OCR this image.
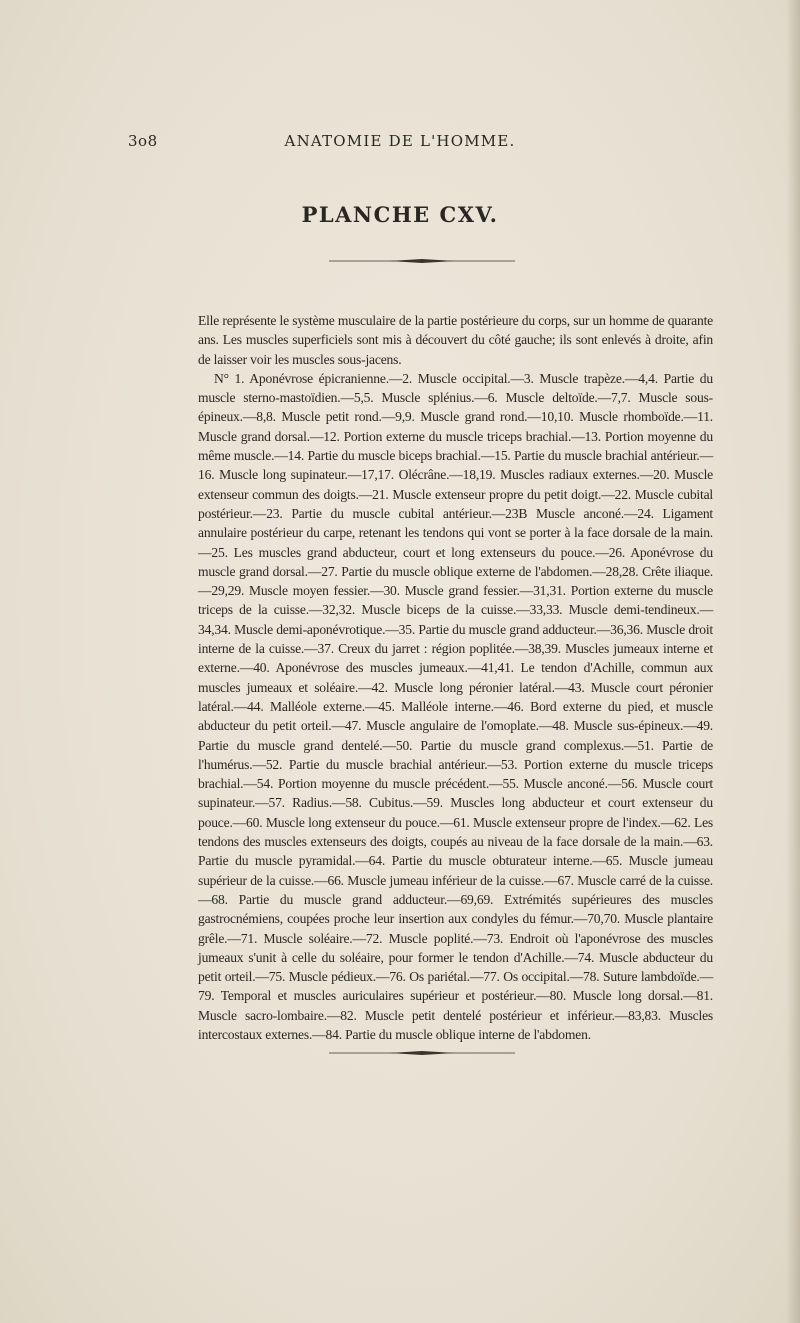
3o8	ANATOMIE DE L'HOMME.
PLANCHE CXV.

Elle représente le système musculaire de la partie postérieure du corps, sur un homme de quarante ans. Les muscles superficiels sont mis à découvert du côté gauche; ils sont enlevés à droite, afin de laisser voir les muscles sous-jacens.

N° 1. Aponévrose épicranienne.—2. Muscle occipital.—3. Muscle trapèze.—4,4. Partie du muscle sterno-mastoïdien.—5,5. Muscle splénius.—6. Muscle deltoïde.—7,7. Muscle sous-épineux.—8,8. Muscle petit rond.—9,9. Muscle grand rond.—10,10. Muscle rhomboïde.—11. Muscle grand dorsal.—12. Portion externe du muscle triceps brachial.—13. Portion moyenne du même muscle.—14. Partie du muscle biceps brachial.—15. Partie du muscle brachial antérieur.—16. Muscle long supinateur.—17,17. Olécrâne.—18,19. Muscles radiaux externes.—20. Muscle extenseur commun des doigts.—21. Muscle extenseur propre du petit doigt.—22. Muscle cubital postérieur.—23. Partie du muscle cubital antérieur.—23B Muscle anconé.—24. Ligament annulaire postérieur du carpe, retenant les tendons qui vont se porter à la face dorsale de la main.—25. Les muscles grand abducteur, court et long extenseurs du pouce.—26. Aponévrose du muscle grand dorsal.—27. Partie du muscle oblique externe de l'abdomen.—28,28. Crête iliaque.—29,29. Muscle moyen fessier.—30. Muscle grand fessier.—31,31. Portion externe du muscle triceps de la cuisse.—32,32. Muscle biceps de la cuisse.—33,33. Muscle demi-tendineux.—34,34. Muscle demi-aponévrotique.—35. Partie du muscle grand adducteur.—36,36. Muscle droit interne de la cuisse.—37. Creux du jarret : région poplitée.—38,39. Muscles jumeaux interne et externe.—40. Aponévrose des muscles jumeaux.—41,41. Le tendon d'Achille, commun aux muscles jumeaux et soléaire.—42. Muscle long péronier latéral.—43. Muscle court péronier latéral.—44. Malléole externe.—45. Malléole interne.—46. Bord externe du pied, et muscle abducteur du petit orteil.—47. Muscle angulaire de l'omoplate.—48. Muscle sus-épineux.—49. Partie du muscle grand dentelé.—50. Partie du muscle grand complexus.—51. Partie de l'humérus.—52. Partie du muscle brachial antérieur.—53. Portion externe du muscle triceps brachial.—54. Portion moyenne du muscle précédent.—55. Muscle anconé.—56. Muscle court supinateur.—57. Radius.—58. Cubitus.—59. Muscles long abducteur et court extenseur du pouce.—60. Muscle long extenseur du pouce.—61. Muscle extenseur propre de l'index.—62. Les tendons des muscles extenseurs des doigts, coupés au niveau de la face dorsale de la main.—63. Partie du muscle pyramidal.—64. Partie du muscle obturateur interne.—65. Muscle jumeau supérieur de la cuisse.—66. Muscle jumeau inférieur de la cuisse.—67. Muscle carré de la cuisse.—68. Partie du muscle grand adducteur.—69,69. Extrémités supérieures des muscles gastrocnémiens, coupées proche leur insertion aux condyles du fémur.—70,70. Muscle plantaire grêle.—71. Muscle soléaire.—72. Muscle poplité.—73. Endroit où l'aponévrose des muscles jumeaux s'unit à celle du soléaire, pour former le tendon d'Achille.—74. Muscle abducteur du petit orteil.—75. Muscle pédieux.—76. Os pariétal.—77. Os occipital.—78. Suture lambdoïde.—79. Temporal et muscles auriculaires supérieur et postérieur.—80. Muscle long dorsal.—81. Muscle sacro-lombaire.—82. Muscle petit dentelé postérieur et inférieur.—83,83. Muscles intercostaux externes.—84. Partie du muscle oblique interne de l'abdomen.
